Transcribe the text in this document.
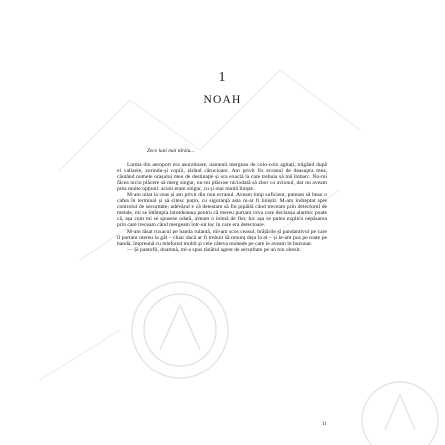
1
NOAH
Zece luni mai târziu...

Larma din aeroport era asurzitoare, oamenii mergeau de colo-colo agitați, trăgând după ei valizele, zorindu-și copiii, târând cărucioare. Am privit fix ecranul de deasupra mea, căutând numele orașului meu de destinație și ora exactă la care trebuia să mă îmbarc. Nu-mi făcea nicio plăcere să merg singur, nu-mi plăcuse niciodată să zbor cu avionul, dar nu aveam prea multe opțiuni: acum eram singur, cu și mai multă liniște.

M-am uitat la ceas și am privit din nou ecranul. Aveam timp suficient, puteam să beau o cafea în terminal și să citesc puțin, cu siguranță asta m-ar fi liniștit. M-am îndreptat spre controlul de securitate; adevărul e că detestam să fiu pipăită când treceam prin detectorul de metale, mi se întâmpla întotdeauna pentru că mereu purtam ceva care declanșa alarma: poate că, așa cum mi se spusese odată, aveam o inimă de fier, ha: așa se putea explica nepăsarea prin care treceam când mergeam într-un loc în care era detectoare.

M-am lăsat ruxacul pe banda rulantă, mi-am scos ceasul, brățările și pandantivul pe care îl purtam mereu la gât – chiar dacă ar fi trebuit să renunț deja la el – și le-am pus pe toate pe bandă, împreună cu telefonul mobil și cele câteva monede pe care le aveam în buzunar.

— Și pantofii, doamnă, mi-a spus tânărul agent de securitate pe un ton obosit.

11
